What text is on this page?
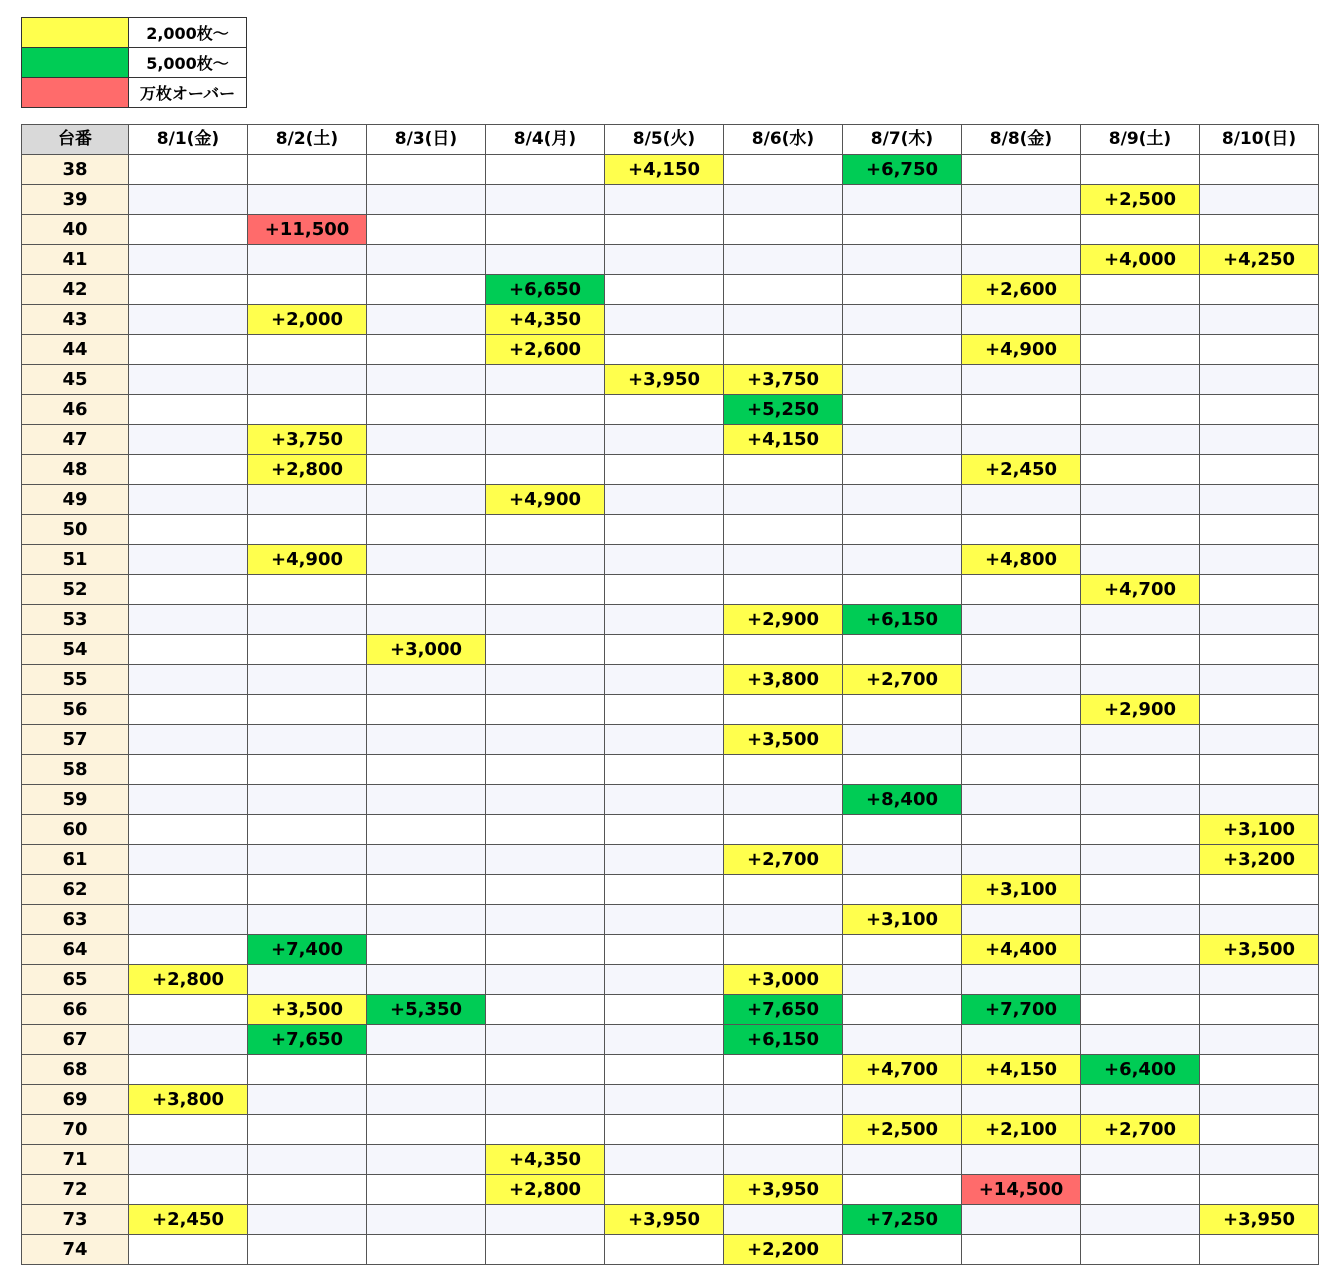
	2,000枚～
	5,000枚～
	万枚オーバー
台番	8/1(金)	8/2(土)	8/3(日)	8/4(月)	8/5(火)	8/6(水)	8/7(木)	8/8(金)	8/9(土)	8/10(日)
38					+4,150		+6,750			
39									+2,500	
40		+11,500								
41									+4,000	+4,250
42				+6,650				+2,600		
43		+2,000		+4,350						
44				+2,600				+4,900		
45					+3,950	+3,750				
46						+5,250				
47		+3,750				+4,150				
48		+2,800						+2,450		
49				+4,900						
50										
51		+4,900						+4,800		
52									+4,700	
53						+2,900	+6,150			
54			+3,000							
55						+3,800	+2,700			
56									+2,900	
57						+3,500				
58										
59							+8,400			
60										+3,100
61						+2,700				+3,200
62								+3,100		
63							+3,100			
64		+7,400						+4,400		+3,500
65	+2,800					+3,000				
66		+3,500	+5,350			+7,650		+7,700		
67		+7,650				+6,150				
68							+4,700	+4,150	+6,400	
69	+3,800									
70							+2,500	+2,100	+2,700	
71				+4,350						
72				+2,800		+3,950		+14,500		
73	+2,450				+3,950		+7,250			+3,950
74						+2,200				
